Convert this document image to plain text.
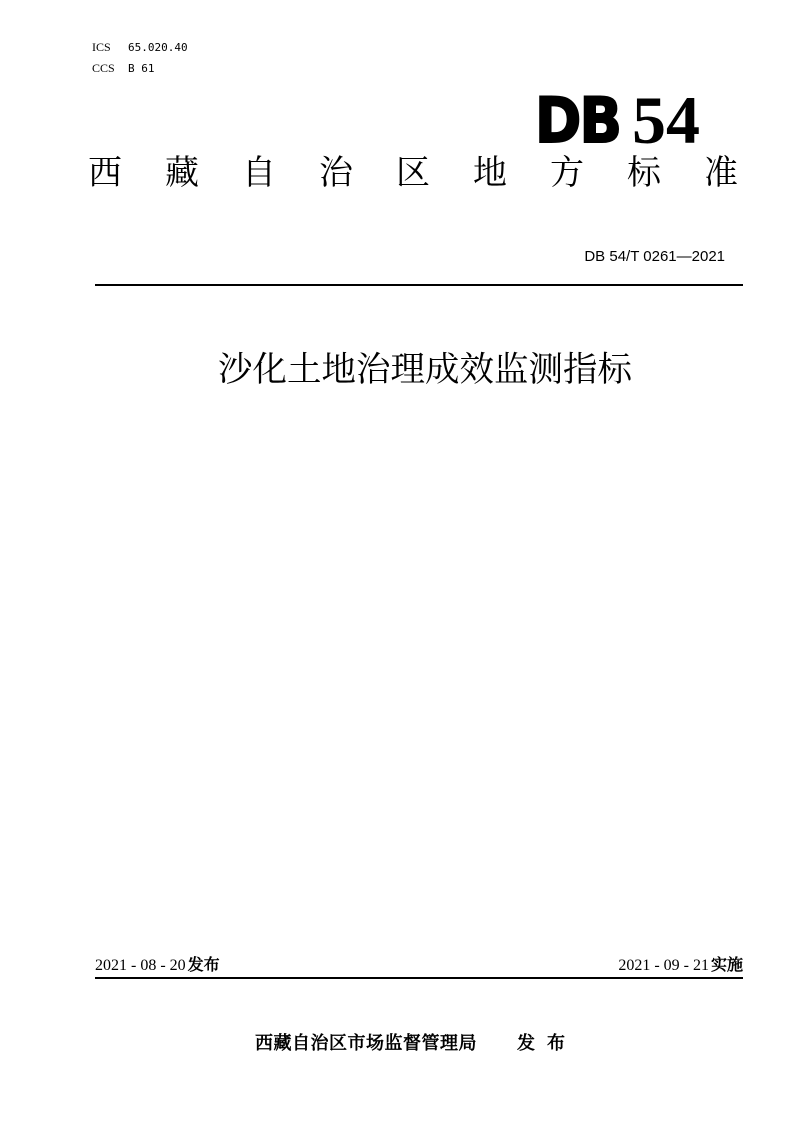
ICS 65.020.40
CCS B 61
DB 54
西藏自治区地方标准
DB 54/T 0261—2021
沙化土地治理成效监测指标
2021 - 08 - 20 发布	2021 - 09 - 21 实施
西藏自治区市场监督管理局 发布
